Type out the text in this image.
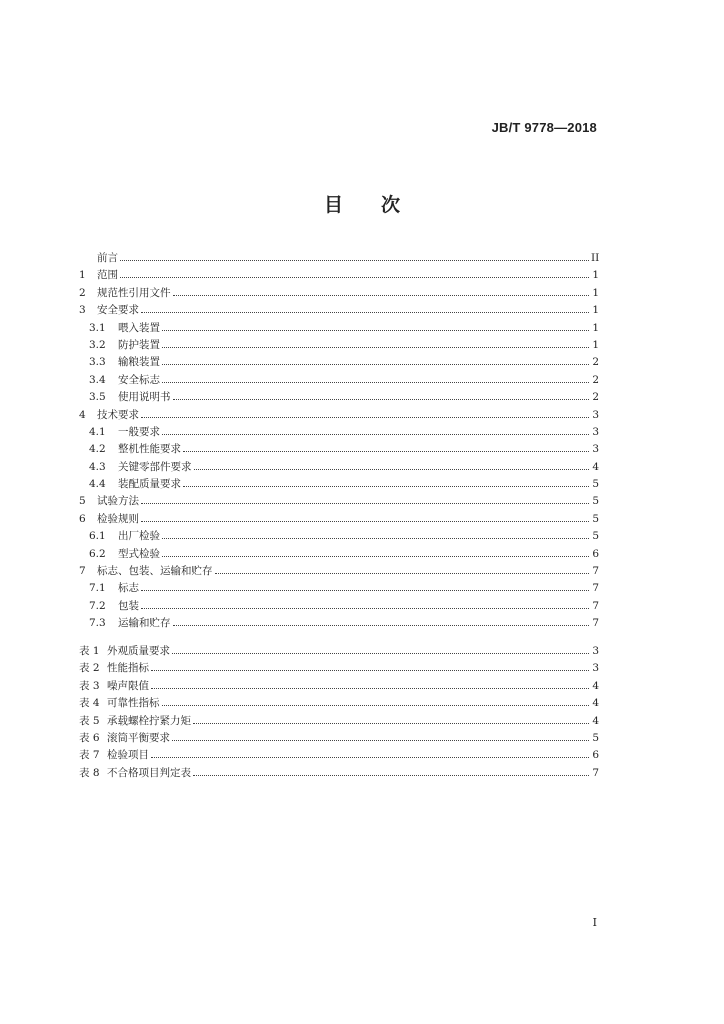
JB/T 9778—2018
目 次
前言	II
1	范围	1
2	规范性引用文件	1
3	安全要求	1
3.1	喂入装置	1
3.2	防护装置	1
3.3	输粮装置	2
3.4	安全标志	2
3.5	使用说明书	2
4	技术要求	3
4.1	一般要求	3
4.2	整机性能要求	3
4.3	关键零部件要求	4
4.4	装配质量要求	5
5	试验方法	5
6	检验规则	5
6.1	出厂检验	5
6.2	型式检验	6
7	标志、包装、运输和贮存	7
7.1	标志	7
7.2	包装	7
7.3	运输和贮存	7
表 1 外观质量要求	3
表 2 性能指标	3
表 3 噪声限值	4
表 4 可靠性指标	4
表 5 承载螺栓拧紧力矩	4
表 6 滚筒平衡要求	5
表 7 检验项目	6
表 8 不合格项目判定表	7
I
